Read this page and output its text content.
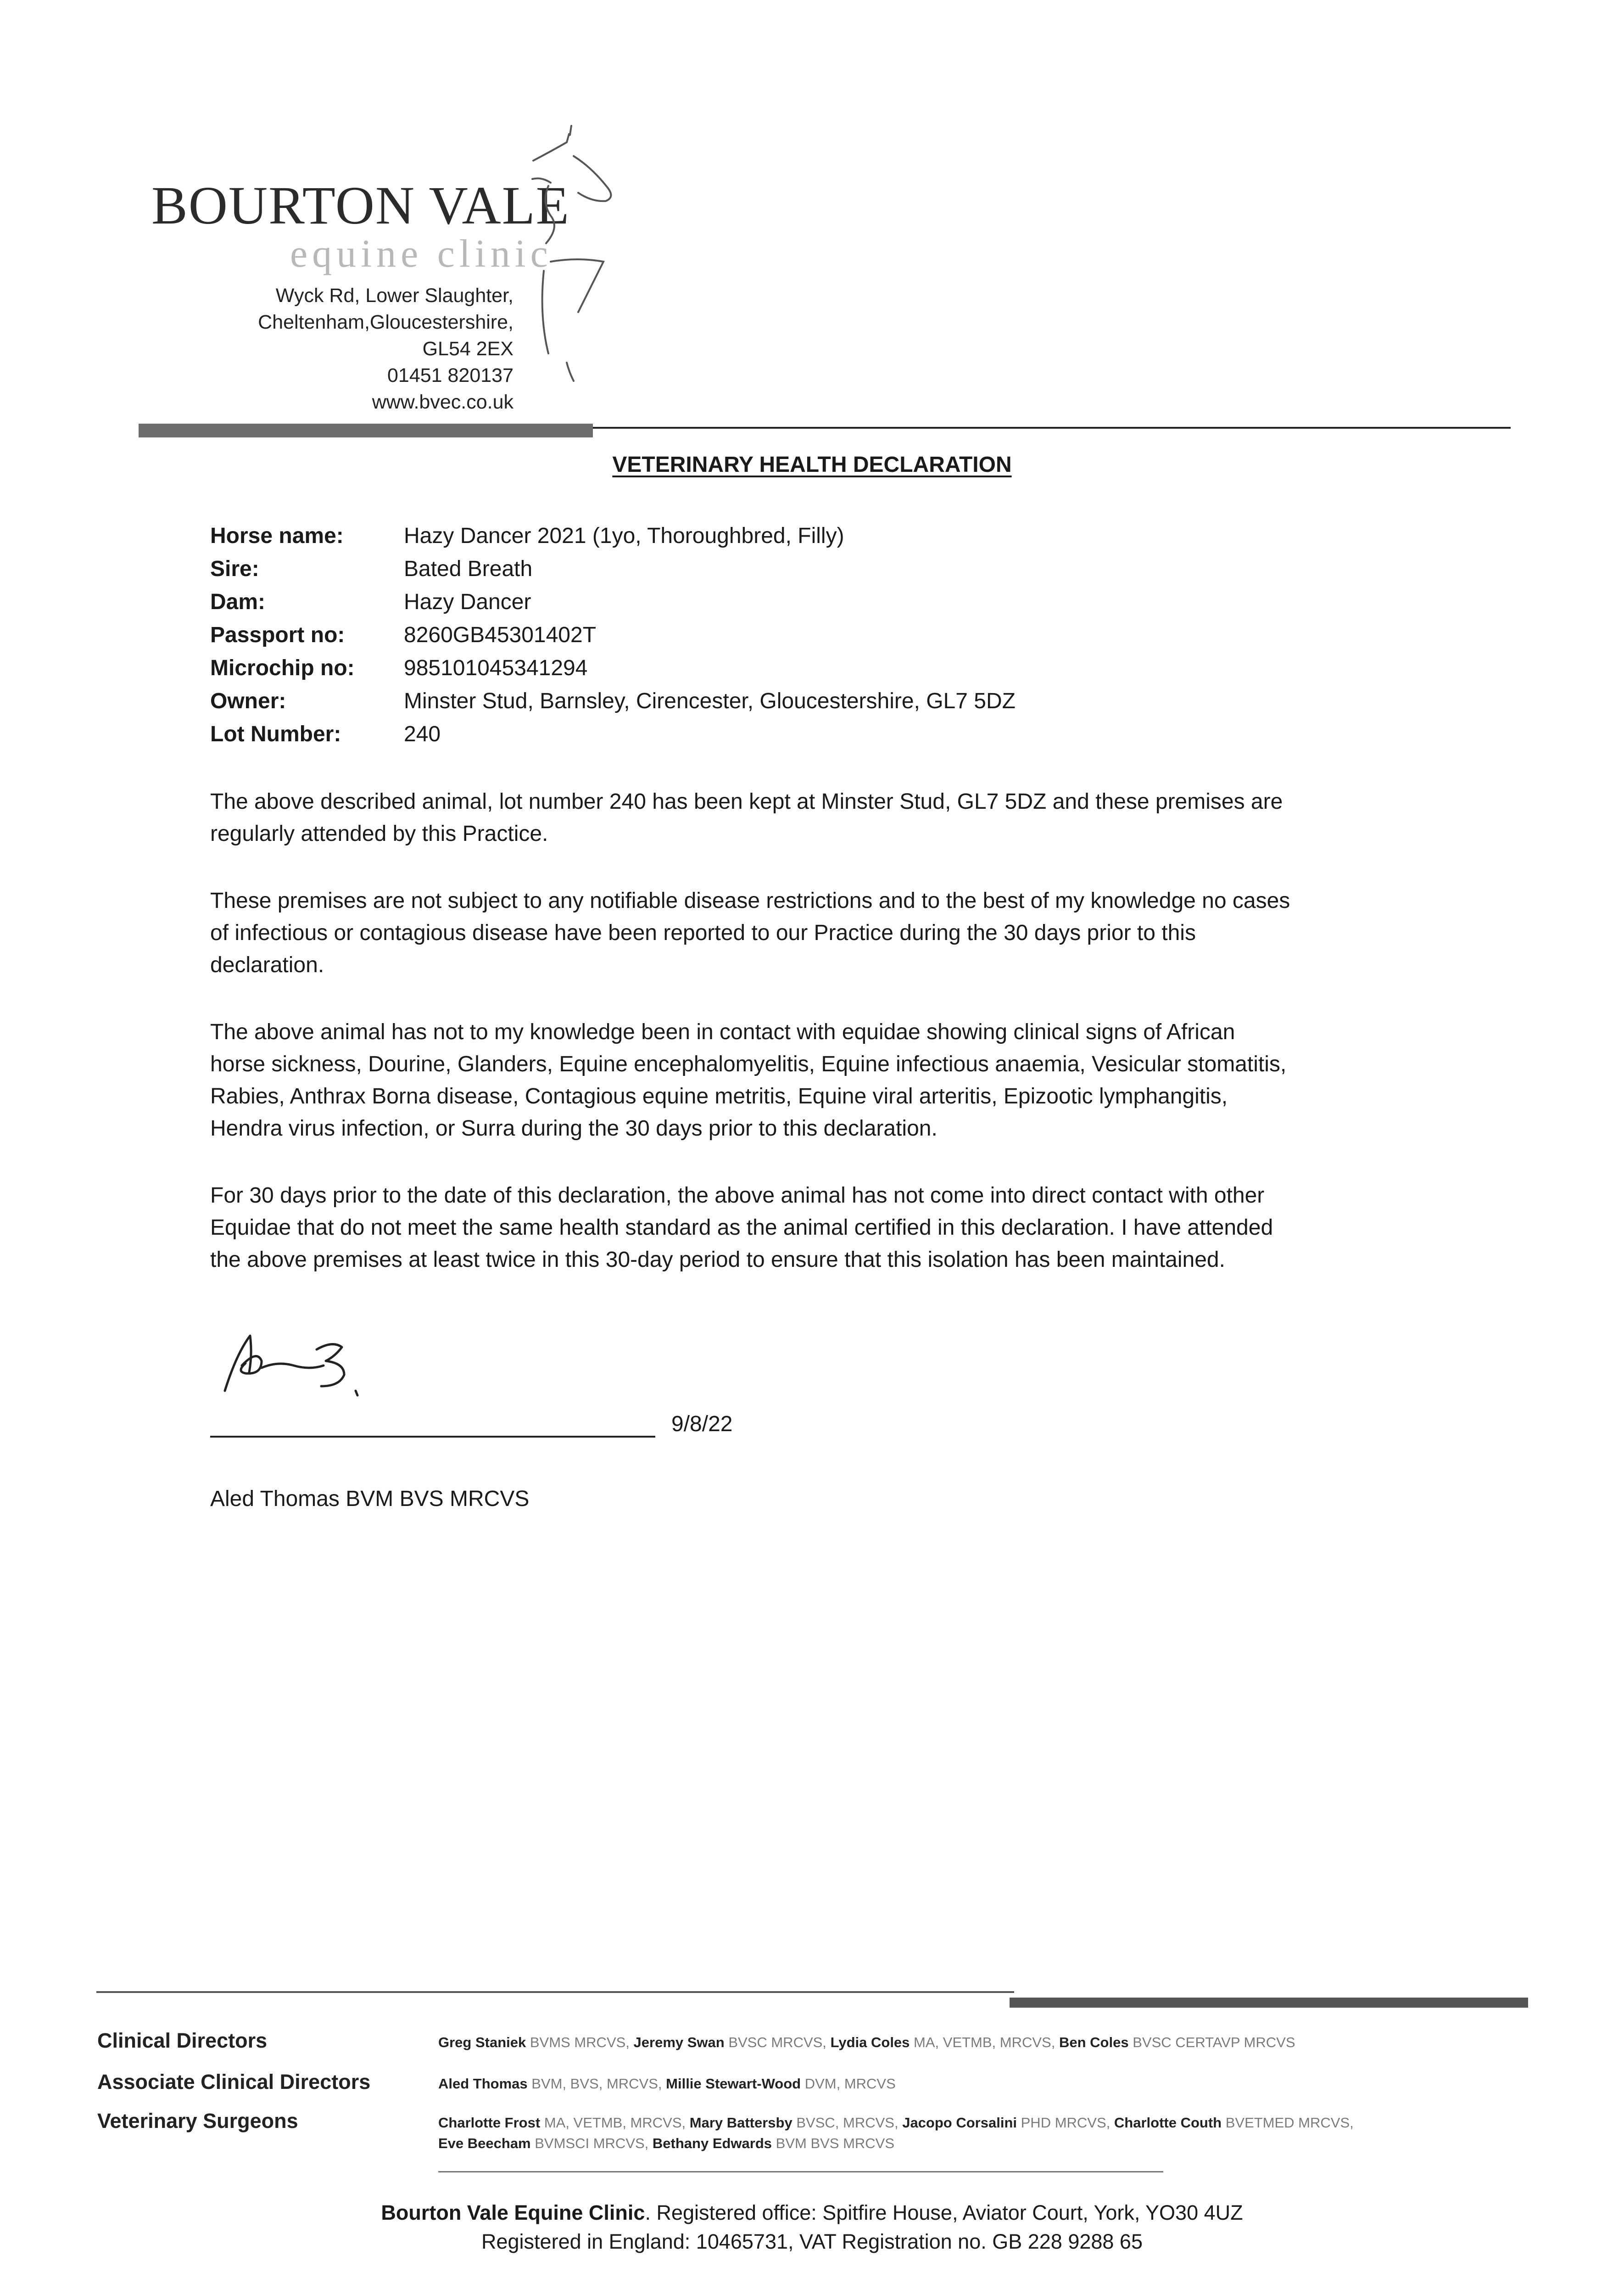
BOURTON VALE
equine clinic
Wyck Rd, Lower Slaughter,
Cheltenham,Gloucestershire,
GL54 2EX
01451 820137
www.bvec.co.uk
VETERINARY HEALTH DECLARATION
Horse name:	Hazy Dancer 2021 (1yo, Thoroughbred, Filly)
Sire:	Bated Breath
Dam:	Hazy Dancer
Passport no:	8260GB45301402T
Microchip no: 985101045341294
Owner:	Minster Stud, Barnsley, Cirencester, Gloucestershire, GL7 5DZ
Lot Number:	240
The above described animal, lot number 240 has been kept at Minster Stud, GL7 5DZ and these premises are
regularly attended by this Practice.
These premises are not subject to any notifiable disease restrictions and to the best of my knowledge no cases
of infectious or contagious disease have been reported to our Practice during the 30 days prior to this
declaration.
The above animal has not to my knowledge been in contact with equidae showing clinical signs of African
horse sickness, Dourine, Glanders, Equine encephalomyelitis, Equine infectious anaemia, Vesicular stomatitis,
Rabies, Anthrax Borna disease, Contagious equine metritis, Equine viral arteritis, Epizootic lymphangitis,
Hendra virus infection, or Surra during the 30 days prior to this declaration.
For 30 days prior to the date of this declaration, the above animal has not come into direct contact with other
Equidae that do not meet the same health standard as the animal certified in this declaration. I have attended
the above premises at least twice in this 30-day period to ensure that this isolation has been maintained.
9/8/22
Aled Thomas BVM BVS MRCVS
Clinical Directors	Greg Staniek BVMS MRCVS, Jeremy Swan BVSC MRCVS, Lydia Coles MA, VETMB, MRCVS, Ben Coles BVSC CERTAVP MRCVS
Associate Clinical Directors	Aled Thomas BVM, BVS, MRCVS, Millie Stewart-Wood DVM, MRCVS
Veterinary Surgeons	Charlotte Frost MA, VETMB, MRCVS, Mary Battersby BVSC, MRCVS, Jacopo Corsalini PHD MRCVS, Charlotte Couth BVETMED MRCVS,
Eve Beecham BVMSCI MRCVS, Bethany Edwards BVM BVS MRCVS
Bourton Vale Equine Clinic. Registered office: Spitfire House, Aviator Court, York, YO30 4UZ
Registered in England: 10465731, VAT Registration no. GB 228 9288 65
